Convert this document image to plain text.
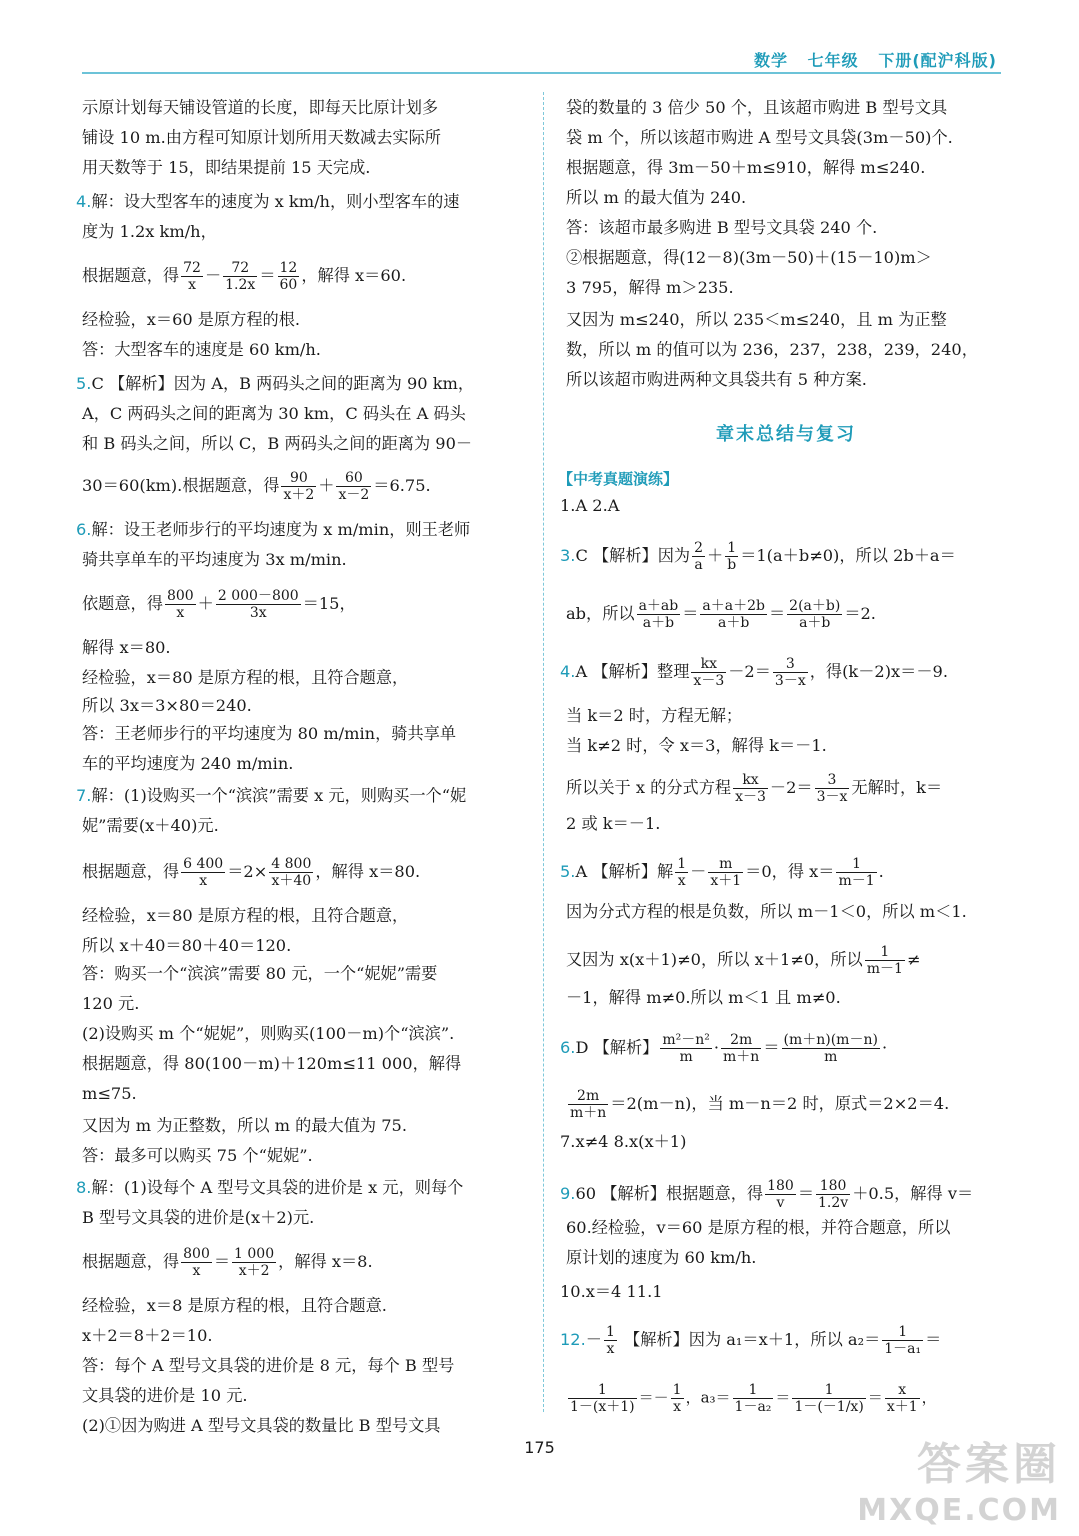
数学   七年级   下册(配沪科版)
示原计划每天铺设管道的长度，即每天比原计划多
铺设 10 m.由方程可知原计划所用天数减去实际所
用天数等于 15，即结果提前 15 天完成.
4.解：设大型客车的速度为 x km/h，则小型客车的速
度为 1.2x km/h，
根据题意，得 $\frac{72}{x} - \frac{72}{1.2x} = \frac{12}{60}$ ，解得 x＝60.
经检验，x＝60 是原方程的根.
答：大型客车的速度是 60 km/h.
5.C 【解析】因为 A，B 两码头之间的距离为 90 km，
A，C 两码头之间的距离为 30 km，C 码头在 A 码头
和 B 码头之间，所以 C，B 两码头之间的距离为 90－
30＝60(km).根据题意，得 $\frac{90}{x+2} + \frac{60}{x-2} =6.75$.
6.解：设王老师步行的平均速度为 x m/min，则王老师
骑共享单车的平均速度为 3x m/min.
依题意，得 $\frac{800}{x} + \frac{2 000-800}{3x} =15$，
解得 x＝80.
经检验，x＝80 是原方程的根，且符合题意，
所以 3x＝3×80＝240.
答：王老师步行的平均速度为 80 m/min，骑共享单
车的平均速度为 240 m/min.
7.解：(1)设购买一个“滨滨”需要 x 元，则购买一个“妮
妮”需要(x＋40)元.
根据题意，得 $\frac{6 400}{x} =2\times \frac{4 800}{x+40}$ ，解得 x＝80.
经检验，x＝80 是原方程的根，且符合题意，
所以 x＋40＝80＋40＝120.
答：购买一个“滨滨”需要 80 元，一个“妮妮”需要
120 元.
(2)设购买 m 个“妮妮”，则购买(100－m)个“滨滨”.
根据题意，得 80(100－m)＋120m≤11 000，解得
m≤75.
又因为 m 为正整数，所以 m 的最大值为 75.
答：最多可以购买 75 个“妮妮”.
8.解：(1)设每个 A 型号文具袋的进价是 x 元，则每个
B 型号文具袋的进价是(x＋2)元.
根据题意，得 $\frac{800}{x} = \frac{1 000}{x+2}$ ，解得 x＝8.
经检验，x＝8 是原方程的根，且符合题意.
x＋2＝8＋2＝10.
答：每个 A 型号文具袋的进价是 8 元，每个 B 型号
文具袋的进价是 10 元.
(2)①因为购进 A 型号文具袋的数量比 B 型号文具
袋的数量的 3 倍少 50 个，且该超市购进 B 型号文具
袋 m 个，所以该超市购进 A 型号文具袋(3m－50)个.
根据题意，得 3m－50＋m≤910，解得 m≤240.
所以 m 的最大值为 240.
答：该超市最多购进 B 型号文具袋 240 个.
②根据题意，得(12－8)(3m－50)＋(15－10)m＞
3 795，解得 m＞235.
又因为 m≤240，所以 235＜m≤240，且 m 为正整
数，所以 m 的值可以为 236，237，238，239，240，
所以该超市购进两种文具袋共有 5 种方案.
章末总结与复习
【中考真题演练】
1.A 2.A
3.C 【解析】因为 $\frac{2}{a} + \frac{1}{b} =1(a+b\ne 0)$，所以 2b＋a＝
ab，所以 $\frac{a+ab}{a+b} = \frac{a+a+2b}{a+b} = \frac{2(a+b)}{a+b} =2$.
4.A 【解析】整理 $\frac{kx}{x-3} -2= \frac{3}{3-x}$ ，得(k－2)x＝－9.
当 k＝2 时，方程无解；
当 k≠2 时，令 x＝3，解得 k＝－1.
所以关于 x 的分式方程 $\frac{kx}{x-3} -2= \frac{3}{3-x}$ 无解时，k＝
2 或 k＝－1.
5.A 【解析】解 $\frac{1}{x} - \frac{m}{x+1} =0$，得 $x= \frac{1}{m-1}$ .
因为分式方程的根是负数，所以 m－1＜0，所以 m＜1.
又因为 x(x＋1)≠0，所以 x＋1≠0，所以 $\frac{1}{m-1}$ ≠
－1，解得 m≠0.所以 m＜1 且 m≠0.
6.D 【解析】 $\frac{\text{m²－n²}}{m} \cdot \frac{2m}{m+n} = \frac{(m+n)(m-n)}{m}$ ·
$\frac{2m}{m+n} =2(m-n)$，当 m－n＝2 时，原式＝2×2＝4.
7.x≠4 8.x(x＋1)
9.60 【解析】根据题意，得 $\frac{180}{v} = \frac{180}{1.2v} +0.5$，解得 v＝
60.经检验，v＝60 是原方程的根，并符合题意，所以
原计划的速度为 60 km/h.
10.x＝4 11.1
$12.- \frac{1}{x}$ 【解析】因为 a₁＝x＋1，所以 $a_2= \frac{1}{\text{1－a₁}}$ ＝
$\frac{1}{1-(x+1)} =- \frac{1}{x}$ ，$a_3= \frac{1}{\text{1－a₂}} = \frac{1}{1-(-1/x)} = \frac{x}{x+1}$ ，
175	答案圈
MXQE.COM
